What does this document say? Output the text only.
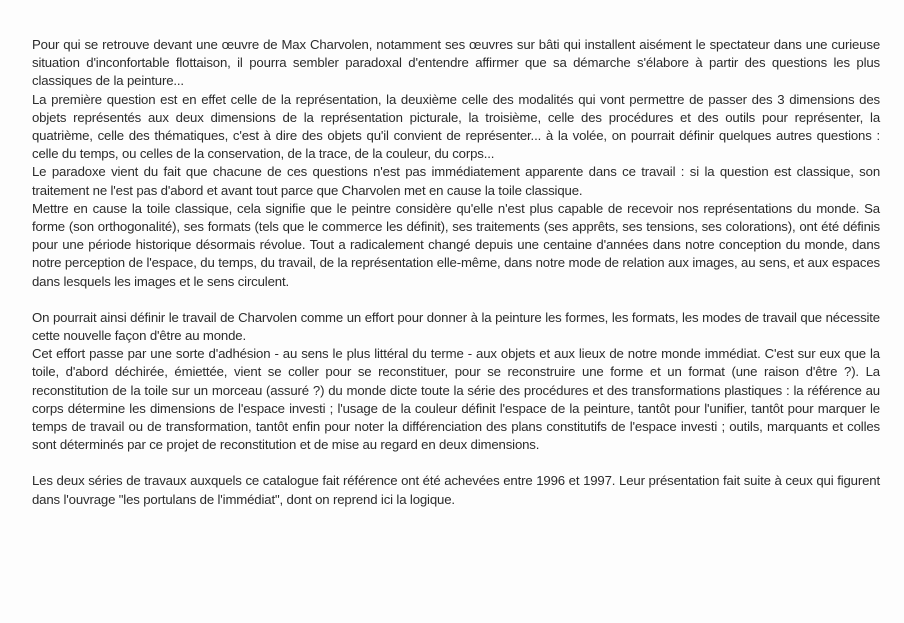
Pour qui se retrouve devant une œuvre de Max Charvolen, notamment ses œuvres sur bâti qui installent aisément le spectateur dans une curieuse situation d'inconfortable flottaison, il pourra sembler paradoxal d'entendre affirmer que sa démarche s'élabore à partir des questions les plus classiques de la peinture...

La première question est en effet celle de la représentation, la deuxième celle des modalités qui vont permettre de passer des 3 dimensions des objets représentés aux deux dimensions de la représentation picturale, la troisième, celle des procédures et des outils pour représenter, la quatrième, celle des thématiques, c'est à dire des objets qu'il convient de représenter... à la volée, on pourrait définir quelques autres questions : celle du temps, ou celles de la conservation, de la trace, de la couleur, du corps...

Le paradoxe vient du fait que chacune de ces questions n'est pas immédiatement apparente dans ce travail : si la question est classique, son traitement ne l'est pas d'abord et avant tout parce que Charvolen met en cause la toile classique.

Mettre en cause la toile classique, cela signifie que le peintre considère qu'elle n'est plus capable de recevoir nos représentations du monde. Sa forme (son orthogonalité), ses formats (tels que le commerce les définit), ses traitements (ses apprêts, ses tensions, ses colorations), ont été définis pour une période historique désormais révolue. Tout a radicalement changé depuis une centaine d'années dans notre conception du monde, dans notre perception de l'espace, du temps, du travail, de la représentation elle-même, dans notre mode de relation aux images, au sens, et aux espaces dans lesquels les images et le sens circulent.

On pourrait ainsi définir le travail de Charvolen comme un effort pour donner à la peinture les formes, les formats, les modes de travail que nécessite cette nouvelle façon d'être au monde.

Cet effort passe par une sorte d'adhésion - au sens le plus littéral du terme - aux objets et aux lieux de notre monde immédiat. C'est sur eux que la toile, d'abord déchirée, émiettée, vient se coller pour se reconstituer, pour se reconstruire une forme et un format (une raison d'être ?). La reconstitution de la toile sur un morceau (assuré ?) du monde dicte toute la série des procédures et des transformations plastiques : la référence au corps détermine les dimensions de l'espace investi ; l'usage de la couleur définit l'espace de la peinture, tantôt pour l'unifier, tantôt pour marquer le temps de travail ou de transformation, tantôt enfin pour noter la différenciation des plans constitutifs de l'espace investi ; outils, marquants et colles sont déterminés par ce projet de reconstitution et de mise au regard en deux dimensions.

Les deux séries de travaux auxquels ce catalogue fait référence ont été achevées entre 1996 et 1997. Leur présentation fait suite à ceux qui figurent dans l'ouvrage "les portulans de l'immédiat", dont on reprend ici la logique.
